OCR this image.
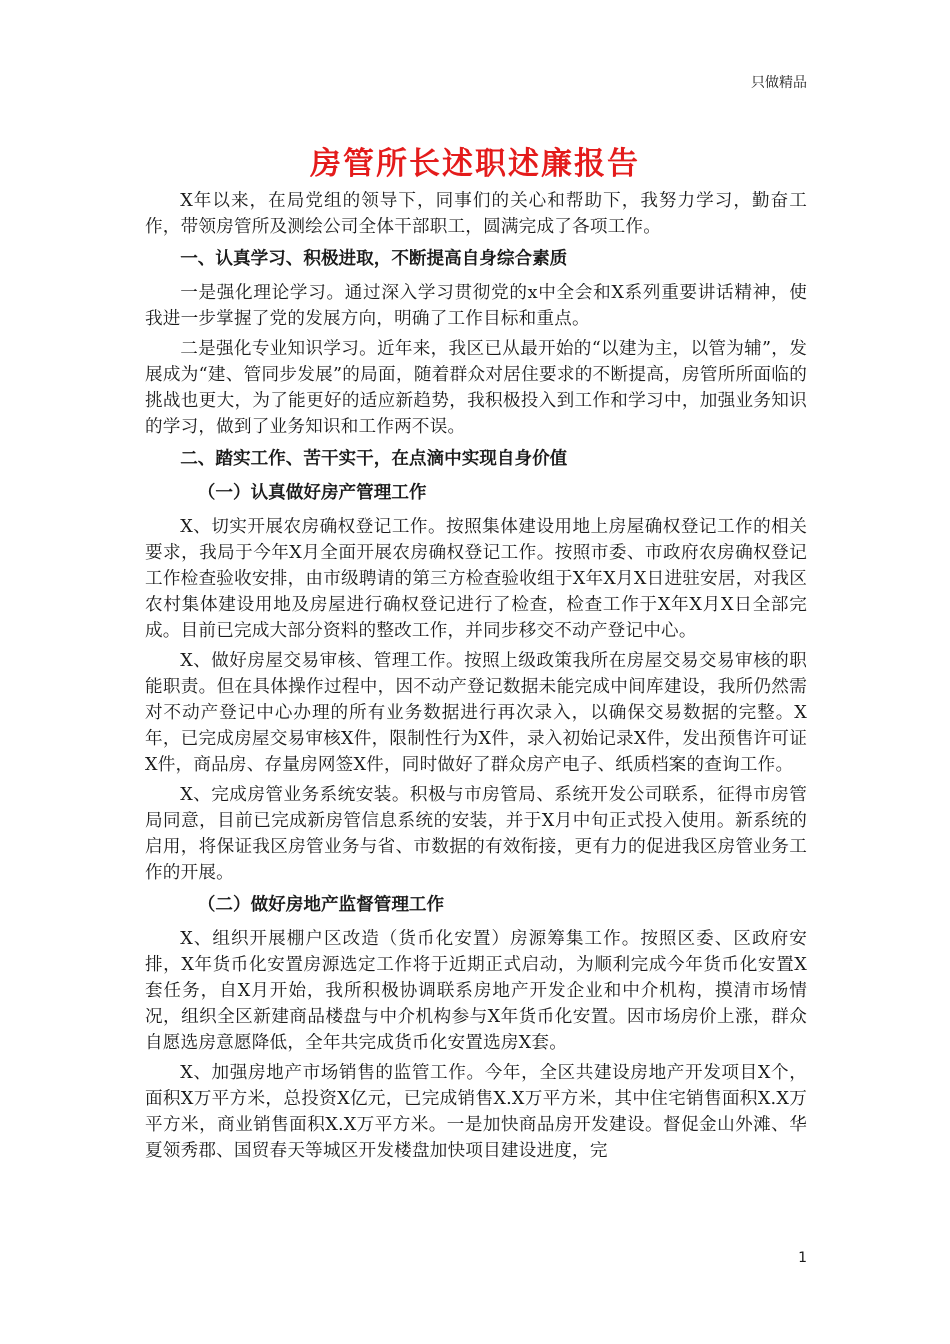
只做精品
房管所长述职述廉报告

X年以来，在局党组的领导下，同事们的关心和帮助下，我努力学习，勤奋工作，带领房管所及测绘公司全体干部职工，圆满完成了各项工作。

一、认真学习、积极进取，不断提高自身综合素质

一是强化理论学习。通过深入学习贯彻党的x中全会和X系列重要讲话精神，使我进一步掌握了党的发展方向，明确了工作目标和重点。

二是强化专业知识学习。近年来，我区已从最开始的“以建为主，以管为辅”，发展成为“建、管同步发展”的局面，随着群众对居住要求的不断提高，房管所所面临的挑战也更大，为了能更好的适应新趋势，我积极投入到工作和学习中，加强业务知识的学习，做到了业务知识和工作两不误。

二、踏实工作、苦干实干，在点滴中实现自身价值

（一）认真做好房产管理工作

X、切实开展农房确权登记工作。按照集体建设用地上房屋确权登记工作的相关要求，我局于今年X月全面开展农房确权登记工作。按照市委、市政府农房确权登记工作检查验收安排，由市级聘请的第三方检查验收组于X年X月X日进驻安居，对我区农村集体建设用地及房屋进行确权登记进行了检查，检查工作于X年X月X日全部完成。目前已完成大部分资料的整改工作，并同步移交不动产登记中心。

X、做好房屋交易审核、管理工作。按照上级政策我所在房屋交易交易审核的职能职责。但在具体操作过程中，因不动产登记数据未能完成中间库建设，我所仍然需对不动产登记中心办理的所有业务数据进行再次录入，以确保交易数据的完整。X年，已完成房屋交易审核X件，限制性行为X件，录入初始记录X件，发出预售许可证X件，商品房、存量房网签X件，同时做好了群众房产电子、纸质档案的查询工作。

X、完成房管业务系统安装。积极与市房管局、系统开发公司联系，征得市房管局同意，目前已完成新房管信息系统的安装，并于X月中旬正式投入使用。新系统的启用，将保证我区房管业务与省、市数据的有效衔接，更有力的促进我区房管业务工作的开展。

（二）做好房地产监督管理工作

X、组织开展棚户区改造（货币化安置）房源筹集工作。按照区委、区政府安排，X年货币化安置房源选定工作将于近期正式启动，为顺利完成今年货币化安置X套任务，自X月开始，我所积极协调联系房地产开发企业和中介机构，摸清市场情况，组织全区新建商品楼盘与中介机构参与X年货币化安置。因市场房价上涨，群众自愿选房意愿降低，全年共完成货币化安置选房X套。

X、加强房地产市场销售的监管工作。今年，全区共建设房地产开发项目X个，面积X万平方米，总投资X亿元，已完成销售X.X万平方米，其中住宅销售面积X.X万平方米，商业销售面积X.X万平方米。一是加快商品房开发建设。督促金山外滩、华夏领秀郡、国贸春天等城区开发楼盘加快项目建设进度，完

1
